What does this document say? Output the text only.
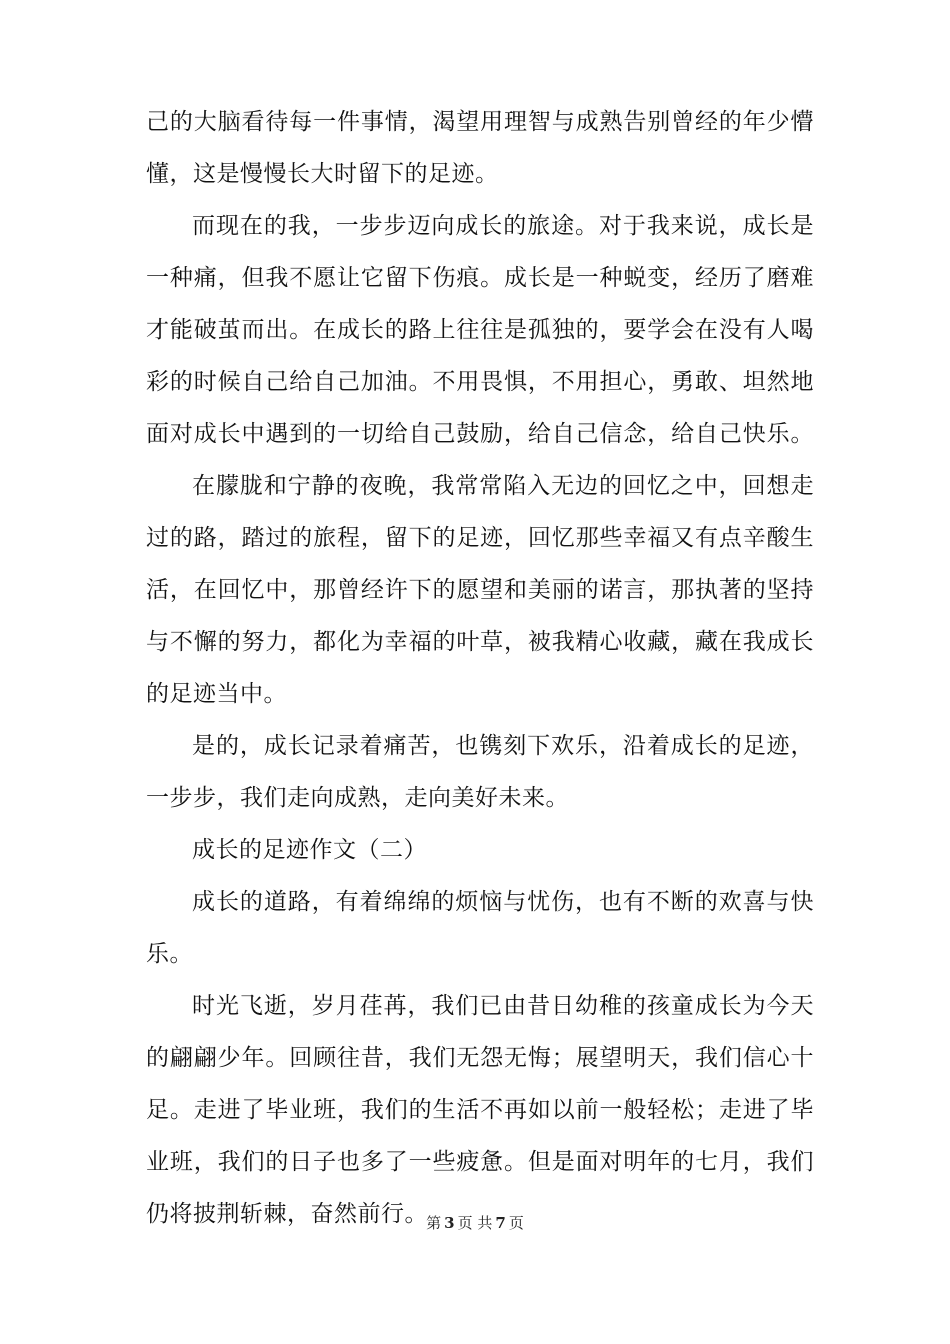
己的大脑看待每一件事情，渴望用理智与成熟告别曾经的年少懵
懂，这是慢慢长大时留下的足迹。
而现在的我，一步步迈向成长的旅途。对于我来说，成长是
一种痛，但我不愿让它留下伤痕。成长是一种蜕变，经历了磨难
才能破茧而出。在成长的路上往往是孤独的，要学会在没有人喝
彩的时候自己给自己加油。不用畏惧，不用担心，勇敢、坦然地
面对成长中遇到的一切给自己鼓励，给自己信念，给自己快乐。
在朦胧和宁静的夜晚，我常常陷入无边的回忆之中，回想走
过的路，踏过的旅程，留下的足迹，回忆那些幸福又有点辛酸生
活，在回忆中，那曾经许下的愿望和美丽的诺言，那执著的坚持
与不懈的努力，都化为幸福的叶草，被我精心收藏，藏在我成长
的足迹当中。
是的，成长记录着痛苦，也镌刻下欢乐，沿着成长的足迹，
一步步，我们走向成熟，走向美好未来。
成长的足迹作文（二）
成长的道路，有着绵绵的烦恼与忧伤，也有不断的欢喜与快
乐。
时光飞逝，岁月荏苒，我们已由昔日幼稚的孩童成长为今天
的翩翩少年。回顾往昔，我们无怨无悔；展望明天，我们信心十
足。走进了毕业班，我们的生活不再如以前一般轻松；走进了毕
业班，我们的日子也多了一些疲惫。但是面对明年的七月，我们
仍将披荆斩棘，奋然前行。
第 3 页 共 7 页
